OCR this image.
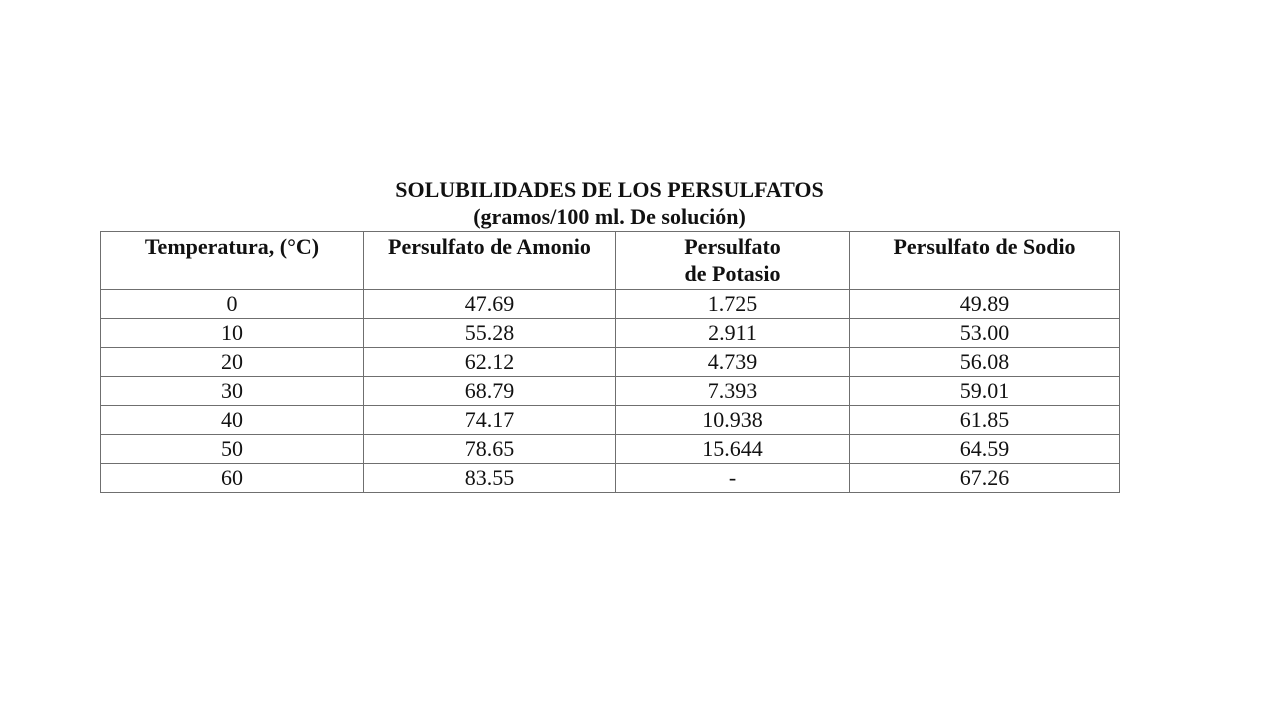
SOLUBILIDADES DE LOS PERSULFATOS
(gramos/100 ml. De solución)
Temperatura, (°C)	Persulfato de Amonio	Persulfato de Potasio	Persulfato de Sodio
0	47.69	1.725	49.89
10	55.28	2.911	53.00
20	62.12	4.739	56.08
30	68.79	7.393	59.01
40	74.17	10.938	61.85
50	78.65	15.644	64.59
60	83.55	-	67.26
